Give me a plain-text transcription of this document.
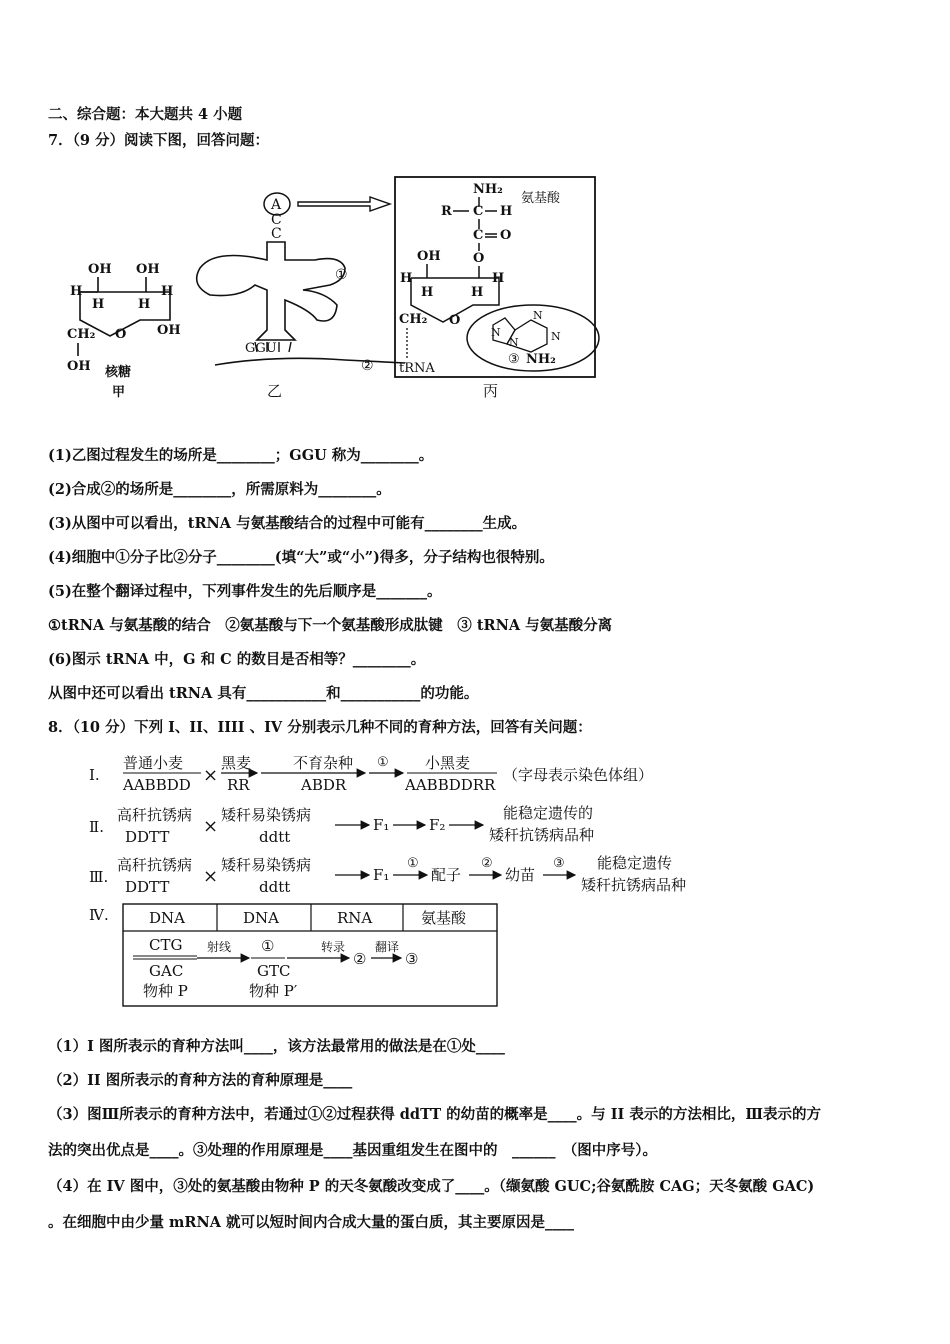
二、综合题：本大题共 4 小题
7．（9 分）阅读下图，回答问题：
OH OH
H
H	H
H
CH₂ O OH
OH 核糖
甲
A
C
C
①
GGU
②
乙
NH₂
R C H
氨基酸
C O
O
OH
H
H	H
H
CH₂ O
tRNA
N
N
N
N
③ NH₂
丙
(1)乙图过程发生的场所是________；GGU 称为________。
(2)合成②的场所是________，所需原料为________。
(3)从图中可以看出，tRNA 与氨基酸结合的过程中可能有________生成。
(4)细胞中①分子比②分子________(填“大”或“小”)得多，分子结构也很特别。
(5)在整个翻译过程中，下列事件发生的先后顺序是_______。
①tRNA 与氨基酸的结合　②氨基酸与下一个氨基酸形成肽键　③ tRNA 与氨基酸分离
(6)图示 tRNA 中，G 和 C 的数目是否相等？________。
从图中还可以看出 tRNA 具有___________和___________的功能。
8．（10 分）下列 I、II、IIII 、IV 分别表示几种不同的育种方法，回答有关问题：
Ⅰ.
普通小麦
AABBDD ×
黑麦
RR
不育杂种
ABDR
① 小黑麦
AABBDDRR
（字母表示染色体组）
Ⅱ.
高秆抗锈病
DDTT ×
矮秆易染锈病
ddtt
F₁	F₂
能稳定遗传的
矮秆抗锈病品种
Ⅲ.
高秆抗锈病
DDTT ×
矮秆易染锈病
ddtt
F₁
①
配子
②
幼苗
③ 能稳定遗传
矮秆抗锈病品种
Ⅳ.	DNA	DNA	RNA	氨基酸
CTG
GAC
物种 P
射线 ①
GTC
物种 P′
转录
②
翻译
③
（1）I 图所表示的育种方法叫____，该方法最常用的做法是在①处____
（2）II 图所表示的育种方法的育种原理是____
（3）图Ⅲ所表示的育种方法中，若通过①②过程获得 ddTT 的幼苗的概率是____。与 II 表示的方法相比，Ⅲ表示的方
法的突出优点是____。③处理的作用原理是____基因重组发生在图中的　______　（图中序号）。
（4）在 IV 图中，③处的氨基酸由物种 P 的天冬氨酸改变成了____。（缬氨酸 GUC;谷氨酰胺 CAG；天冬氨酸 GAC)
。在细胞中由少量 mRNA 就可以短时间内合成大量的蛋白质，其主要原因是____
